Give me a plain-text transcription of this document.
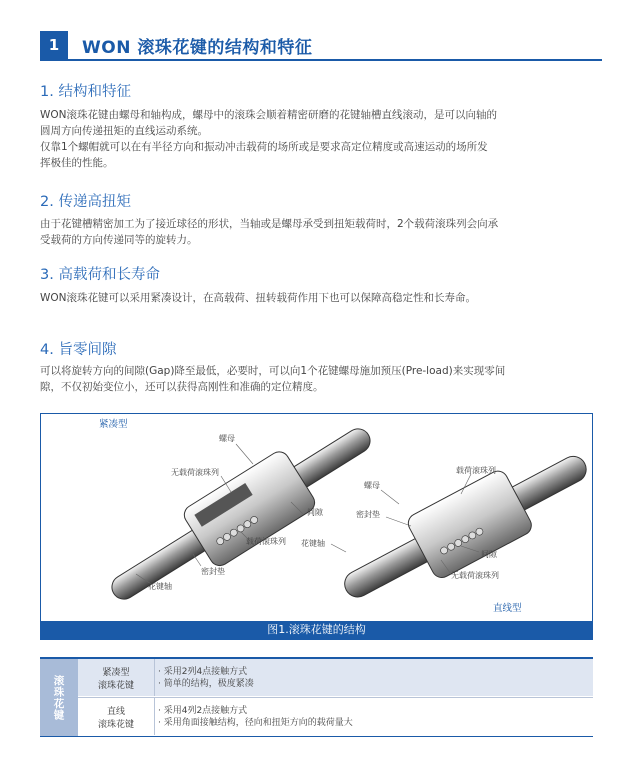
1	WON 滚珠花键的结构和特征
1. 结构和特征
WON滚珠花键由螺母和轴构成，螺母中的滚珠会顺着精密研磨的花键轴槽直线滚动，是可以向轴的
圆周方向传递扭矩的直线运动系统。
仅靠1个螺帽就可以在有半径方向和振动冲击载荷的场所或是要求高定位精度或高速运动的场所发
挥极佳的性能。
2. 传递高扭矩
由于花键槽精密加工为了接近球径的形状，当轴或是螺母承受到扭矩载荷时，2个载荷滚珠列会向承
受载荷的方向传递同等的旋转力。
3. 高载荷和长寿命
WON滚珠花键可以采用紧凑设计，在高载荷、扭转载荷作用下也可以保障高稳定性和长寿命。
4. 旨零间隙
可以将旋转方向的间隙(Gap)降至最低，必要时，可以向1个花键螺母施加预压(Pre-load)来实现零间
隙，不仅初始变位小，还可以获得高刚性和准确的定位精度。
紧凑型
螺母
无载荷滚珠列
间隙
载荷滚珠列
密封垫
花键轴
螺母
载荷滚珠列
密封垫
花键轴
间隙
无载荷滚珠列
直线型
图1.滚珠花键的结构
滚珠花键
紧凑型
滚珠花键
· 采用2列4点接触方式
· 简单的结构，极度紧凑
直线
滚珠花键
· 采用4列2点接触方式
· 采用角面接触结构，径向和扭矩方向的载荷量大
